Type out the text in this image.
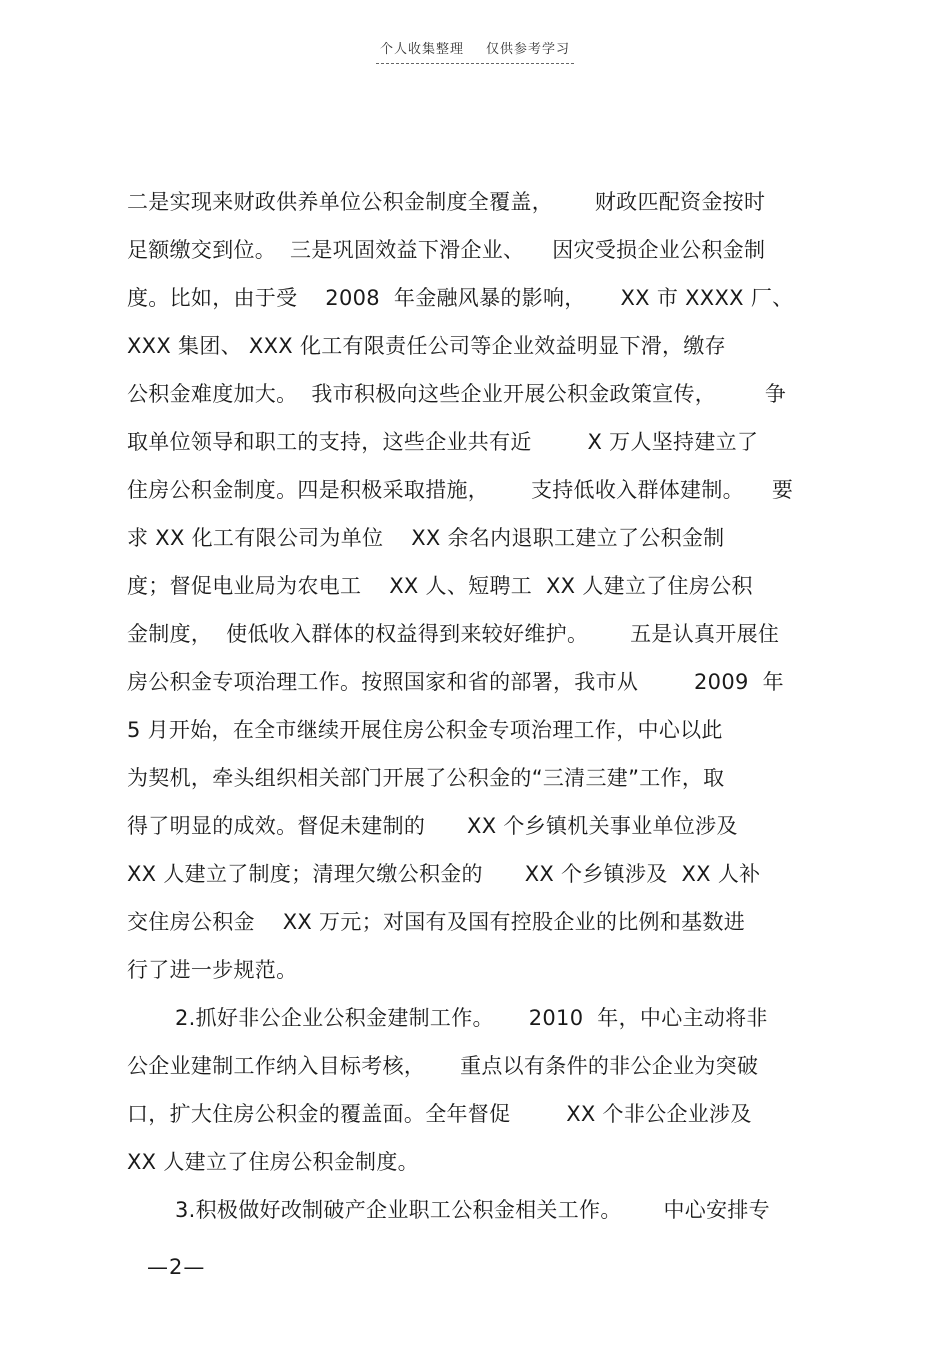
个人收集整理 仅供参考学习
二是实现来财政供养单位公积金制度全覆盖，      财政匹配资金按时
足额缴交到位。  三是巩固效益下滑企业、    因灾受损企业公积金制
度。比如，由于受    2008  年金融风暴的影响，     XX 市 XXXX 厂、
XXX 集团、 XXX 化工有限责任公司等企业效益明显下滑，缴存
公积金难度加大。  我市积极向这些企业开展公积金政策宣传，       争
取单位领导和职工的支持，这些企业共有近        X 万人坚持建立了
住房公积金制度。四是积极采取措施，      支持低收入群体建制。    要
求 XX 化工有限公司为单位    XX 余名内退职工建立了公积金制
度；督促电业局为农电工    XX 人、短聘工  XX 人建立了住房公积
金制度，  使低收入群体的权益得到来较好维护。      五是认真开展住
房公积金专项治理工作。按照国家和省的部署，我市从        2009  年
5 月开始，在全市继续开展住房公积金专项治理工作，中心以此
为契机，牵头组织相关部门开展了公积金的“三清三建”工作，取
得了明显的成效。督促未建制的      XX 个乡镇机关事业单位涉及
XX 人建立了制度；清理欠缴公积金的      XX 个乡镇涉及  XX 人补
交住房公积金    XX 万元；对国有及国有控股企业的比例和基数进
行了进一步规范。
2.抓好非公企业公积金建制工作。     2010  年，中心主动将非
公企业建制工作纳入目标考核，     重点以有条件的非公企业为突破
口，扩大住房公积金的覆盖面。全年督促        XX 个非公企业涉及
XX 人建立了住房公积金制度。
3.积极做好改制破产企业职工公积金相关工作。      中心安排专
—2—
